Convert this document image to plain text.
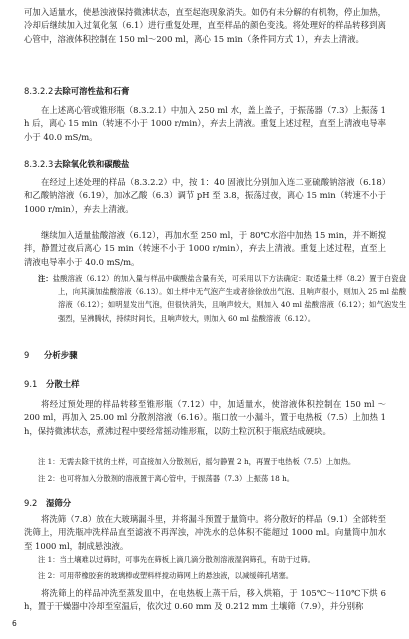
可加入适量水，使悬浊液保持微沸状态，直至起泡现象消失。如仍有未分解的有机物，停止加热，冷却后继续加入过氧化氢（6.1）进行重复处理，直至样品的颜色变浅。将处理好的样品转移到离心管中，溶液体积控制在 150 ml～200 ml，离心 15 min（条件同方式 1），弃去上清液。

8.3.2.2去除可溶性盐和石膏

在上述离心管或锥形瓶（8.3.2.1）中加入 250 ml 水，盖上盖子，于振荡器（7.3）上振荡 1 h 后，离心 15 min（转速不小于 1000 r/min），弃去上清液。重复上述过程，直至上清液电导率小于 40.0 mS/m。

8.3.2.3去除氧化铁和碳酸盐

在经过上述处理的样品（8.3.2.2）中，按 1：40 固液比分别加入连二亚硫酸钠溶液（6.18）和乙酸钠溶液（6.19），加冰乙酸（6.3）调节 pH 至 3.8，振荡过夜，离心 15 min（转速不小于 1000 r/min），弃去上清液。

继续加入适量盐酸溶液（6.12），再加水至 250 ml，于 80℃水浴中加热 15 min，并不断搅拌，静置过夜后离心 15 min（转速不小于 1000 r/min），弃去上清液。重复上述过程，直至上清液电导率小于 40.0 mS/m。

注：盐酸溶液（6.12）的加入量与样品中碳酸盐含量有关，可采用以下方法确定：取适量土样（8.2）置于白瓷盘上，向其滴加盐酸溶液（6.13）。如土样中无气泡产生或者徐徐放出气泡、且响声很小，则加入 25 ml 盐酸溶液（6.12）；如明显发出气泡，但很快消失，且响声较大，则加入 40 ml 盐酸溶液（6.12）；如气泡发生强烈，呈沸腾状，持续时间长，且响声较大，则加入 60 ml 盐酸溶液（6.12）。

9 分析步骤
9.1 分散土样

将经过预处理的样品转移至锥形瓶（7.12）中，加适量水，使溶液体积控制在 150 ml ～200 ml，再加入 25.00 ml 分散剂溶液（6.16）。瓶口放一小漏斗，置于电热板（7.5）上加热 1 h，保持微沸状态，煮沸过程中要经常摇动锥形瓶，以防土粒沉积于瓶底结成硬块。

注 1：无需去除干扰的土样，可直接加入分散剂后，摇匀静置 2 h，再置于电热板（7.5）上加热。

注 2：也可将加入分散剂的溶液置于离心管中，于振荡器（7.3）上振荡 18 h。

9.2 湿筛分

将洗筛（7.8）放在大玻璃漏斗里，并将漏斗预置于量筒中。将分散好的样品（9.1）全部转至洗筛上，用洗瓶冲洗样品直至滤液不再浑浊，冲洗水的总体积不能超过 1000 ml。向量筒中加水至 1000 ml，制成悬浊液。

注 1：当土壤难以过筛时，可事先在筛板上滴几滴分散剂溶液湿润筛孔，有助于过筛。

注 2：可用带橡胶套的玻璃棒或塑料样搅动筛网上的悬浊液，以减缓筛孔堵塞。

将洗筛上的样品冲洗至蒸发皿中，在电热板上蒸干后，移入烘箱，于 105℃～110℃下烘 6 h，置于干燥器中冷却至室温后，依次过 0.60 mm 及 0.212 mm 土壤筛（7.9），并分别称

6
